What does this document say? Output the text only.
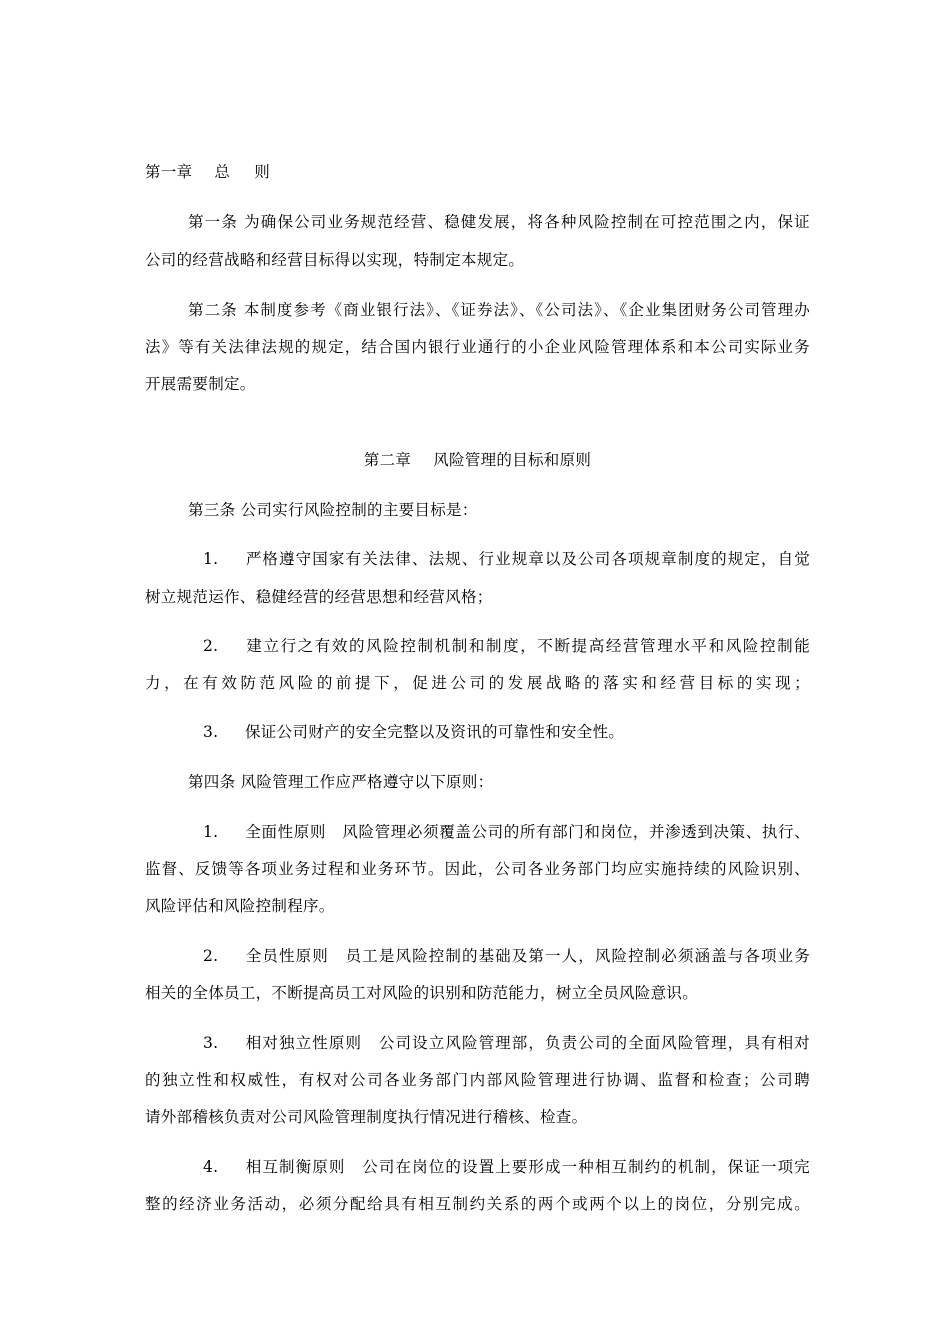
第一章 总 则
第一条 为确保公司业务规范经营、稳健发展，将各种风险控制在可控范围之内，保证
公司的经营战略和经营目标得以实现，特制定本规定。
第二条 本制度参考《商业银行法》、《证券法》、《公司法》、《企业集团财务公司管理办
法》等有关法律法规的规定，结合国内银行业通行的小企业风险管理体系和本公司实际业务
开展需要制定。
第二章 风险管理的目标和原则
第三条 公司实行风险控制的主要目标是：
1. 严格遵守国家有关法律、法规、行业规章以及公司各项规章制度的规定，自觉
树立规范运作、稳健经营的经营思想和经营风格；
2. 建立行之有效的风险控制机制和制度，不断提高经营管理水平和风险控制能
力，在有效防范风险的前提下，促进公司的发展战略的落实和经营目标的实现；
3. 保证公司财产的安全完整以及资讯的可靠性和安全性。
第四条 风险管理工作应严格遵守以下原则：
1. 全面性原则 风险管理必须覆盖公司的所有部门和岗位，并渗透到决策、执行、
监督、反馈等各项业务过程和业务环节。因此，公司各业务部门均应实施持续的风险识别、
风险评估和风险控制程序。
2. 全员性原则 员工是风险控制的基础及第一人，风险控制必须涵盖与各项业务
相关的全体员工，不断提高员工对风险的识别和防范能力，树立全员风险意识。
3. 相对独立性原则 公司设立风险管理部，负责公司的全面风险管理，具有相对
的独立性和权威性，有权对公司各业务部门内部风险管理进行协调、监督和检查；公司聘
请外部稽核负责对公司风险管理制度执行情况进行稽核、检查。
4. 相互制衡原则 公司在岗位的设置上要形成一种相互制约的机制，保证一项完
整的经济业务活动，必须分配给具有相互制约关系的两个或两个以上的岗位，分别完成。
